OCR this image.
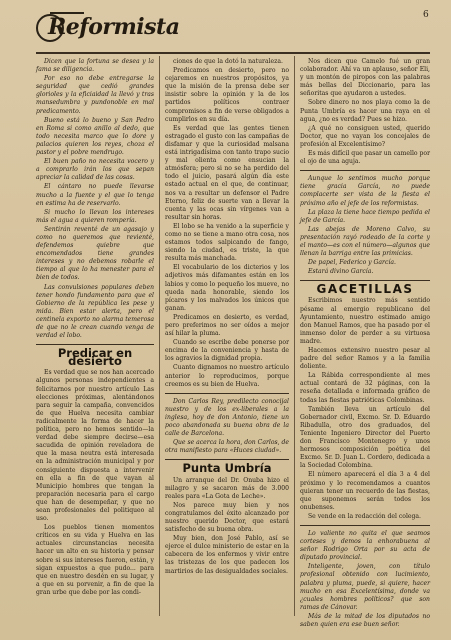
Reformista	6

Dicen que la fortuna se desea y la fama se diligencia.

Por eso no debe entregarse la seguridad que cedió grandes glorioles y la eficiaidad la llevó y tras mansedumbra y pundonoble en mal predicamento.

Bueno está lo bueno y San Pedro en Roma si como anillo al dedo, que todo necesita marco que lo dore y palacios quieren los reyes, choza el pastor y el pobre mendrugo.

El buen paño no necesita vocero y a comprarlo irán los que sepan apreciar la calidad de las cosas.

El cántaro no puede llevarse mucho a la fuente y el que lo tenga en estima ha de reservarlo.

Si mucho lo llevan los intereses más el agua a quieren rompería.

Sentirán reventé de un agasajo y como no queremos que revienté, defendemos quiebre que encomendados tiene grandes intereses y no debemos robarle el tiempo al que lo ha menester para el bien de todos.

Las convulsiones populares deben tener hondo fundamento para que el Gobierno de la república les pese y mida. Bien estar alerta, pero el centinela exporto no alarma temerosa de que no le crean cuando venga de verdad el lobo.

Predicar en desierto

Es verdad que se nos han acercado algunos personas independientes a felicitarnos por nuestro artículo Las elecciones próximas, alentándonos para seguir la campaña, convencidos de que Huelva necesita cambiar radicalmente la forma de hacer la política, pero no hemos sentido—la verdad debe siempre decirse—esa sacudida de opinión reveladora de que la masa neutra está interesada en la administración municipal y por consiguiente dispuesta a intervenir en ella a fin de que vayan al Municipio hombres que tengan la preparación necesaria para el cargo que han de desempeñar, y que no sean profesionales del politiqueo al uso.

Los pueblos tienen momentos críticos en su vida y Huelva en las actuales circunstancias necesita hacer un alto en su historia y pensar sobre si sus intereses fueron, están, y sigan expuestos a que pudo... para que en nuestro desdén en su lugar, y a que en su porvenir, a fin de que la gran urbe que debe por las condi-

ciones de que la dotó la naturaleza.

Predicamos en desierto, pero no cejaremos en nuestros propósitos, ya que la misión de la prensa debe ser insistir sobre la opinión y la de los partidos políticos contraer compromisos a fin de verse obligados a cumplirlos en su día.

Es verdad que las gentes tienen estragado el gusto con las campañas de disfamar y que la curiosidad malsana está intrigadísima con tanto trapo sucio y mal olienta como ensucian la atmósfera; pero si no se ha perdido del todo el juicio, pasará algún día este estado actual en el que, de continuar, nos va a resultar un defensor el Padre Eterno, feliz de suerte van a llevar la cuenta y las ocas sin vírgenes van a resultar sin horas.

El lobo se ha venido a la superficie y como no se tiene a mano otra cosa, nos estamos todos salpicando de fango, siendo la ciudad, es triste, la que resulta más manchada.

El vocabulario de los dicterios y los adjetivos más difamantes están en los labios y como lo pequeño los mueve, no queda nada honorable, siendo los pícaros y los malvados los únicos que ganan.

Predicamos en desierto, es verdad, pero preferimos no ser oídos a mejor así hilar la pluma.

Cuando se escribe debe ponerse por encima de la conveniencia y hasta de los agravios la dignidad propia.

Cuanto dignamos no nuestro artículo anterior lo reproducimos, porque creemos es su bien de Huelva.

Don Carlos Rey, predilecto conocijal nuestro y de los ex-liberales a la inglesa, hoy de don Antonio, tiene un poco abandonada su buena obra de la calle de Barcelona.

Que se acerca la hora, don Carlos, de otra manifiesto para «Huces ciudad».

Punta Umbría

Un arranque del Dr. Onuba hizo el milagro y se sacaron más de 3.000 reales para «La Gota de Leche».

Nos parece muy bien y nos congratulamos del éxito alcanzado por nuestro querido Doctor, que estará satisfecho de su buena obra.

Muy bien, don José Pablo, así se ejerce el dulce ministerio de estar en la cabecera de los enfermos y vivir entre las tristezas de los que padecen los martirios de las desigualdades sociales.

Nos dicen que Camelo fué un gran colaborador. Ahí va un aplauso, señor Eli, y un montón de piropos con las palabras más bellas del Diccionario, para las señoritas que ayudaron a ustedes.

Sobre dinero no nos playa como la de Punta Umbría es hacer una raya en el agua, ¿no es verdad? Pues se hizo.

¿A qué no consiguen usted, querido Doctor, que no vayan los concejales de profesión al Excelentísimo?

Es más difícil que pasar un camello por el ojo de una aguja.

Aunque lo sentimos mucho porque tiene gracia García, no puede complacerte ser vista de la fiesta el próximo año el jefe de los reformistas.

La plaza la tiene hace tiempo pedida el jefe de García.

Las abejas de Moreno Calvo, su presentación rayó rodeado de la corte y el manto—es con el número—algunos que llenan la barriga entre las primicias.

De papel, Federico y García.

Estará divino García.

GACETILLAS

Escribimos nuestro más sentido pésame al emergio republicano del Ayuntamiento, nuestro estimado amigo don Manuel Ramos, que ha pasado por el inmenso dolor de perder a su virtuosa madre.

Hacemos extensivo nuestro pesar al padre del señor Ramos y a la familia doliente.

La Rábida correspondiente al mes actual contará de 32 páginas, con la reseña detallada e informada gráfico de todas las fiestas patrióticas Colombinas.

También lleva un artículo del Gobernador civil, Excmo. Sr. D. Eduardo Ribadulla, otro dos graduados, del Teniente Ingeniero Director del Puerto don Francisco Montenegro y unos hermosos composición poética del Excmo. Sr. D. Juan L. Cordero, dedicada a la Sociedad Colombina.

El número aparecerá el día 3 a 4 del próximo y lo recomendamos a cuantos quieran tener un recuerdo de las fiestas, que suponemos serán todos los onubenses.

Se vende en la redacción del colega.

Lo valiente no quita el que seamos corteses y demos la enhorabuena al señor Rodrigo Orta por su acta de diputado provincial.

Inteligente, joven, con título profesional obtenido con lucimiento, palabra y pluma, puede, si quiere, hacer mucho en esa Excelentísima, donde va ¿cuales hombres políticos? que son ramas de Cánovar.

Más de la mitad de los diputados no saben quien era ese buen señor.
